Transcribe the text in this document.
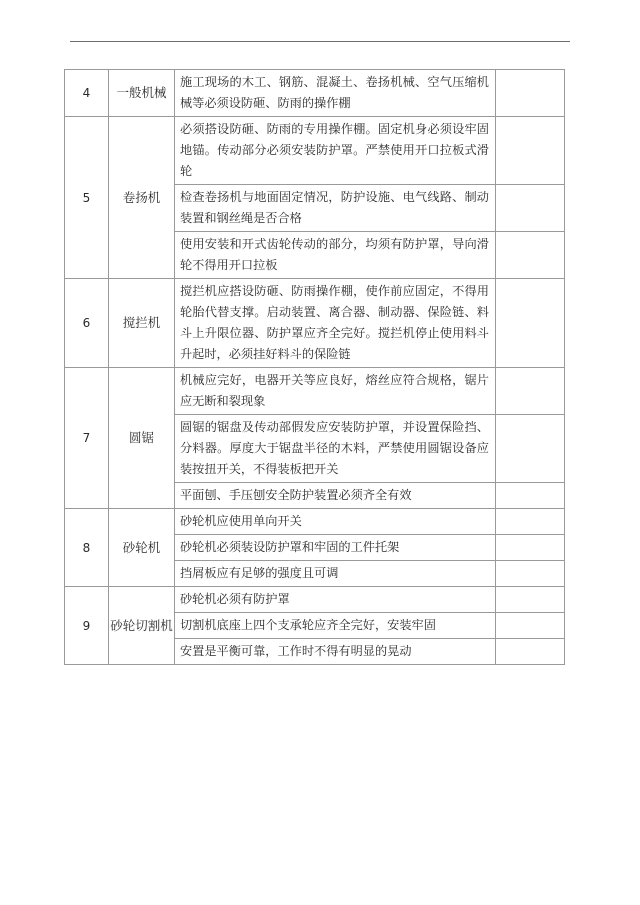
4	一般机械	施工现场的木工、钢筋、混凝土、卷扬机械、空气压缩机械等必须设防砸、防雨的操作棚	
5	卷扬机	必须搭设防砸、防雨的专用操作棚。固定机身必须设牢固地锚。传动部分必须安装防护罩。严禁使用开口拉板式滑轮	
		检查卷扬机与地面固定情况，防护设施、电气线路、制动装置和钢丝绳是否合格	
		使用安装和开式齿轮传动的部分，均须有防护罩，导向滑轮不得用开口拉板	
6	搅拦机	搅拦机应搭设防砸、防雨操作棚，使作前应固定，不得用轮胎代替支撑。启动装置、离合器、制动器、保险链、料斗上升限位器、防护罩应齐全完好。搅拦机停止使用料斗升起时，必须挂好料斗的保险链	
7	圆锯	机械应完好，电器开关等应良好，熔丝应符合规格，锯片应无断和裂现象	
		圆锯的锯盘及传动部假发应安装防护罩，并设置保险挡、分料器。厚度大于锯盘半径的木料，严禁使用圆锯设备应装按扭开关，不得装板把开关	
		平面刨、手压刨安全防护装置必须齐全有效	
8	砂轮机	砂轮机应使用单向开关	
		砂轮机必须装设防护罩和牢固的工件托架	
		挡屑板应有足够的强度且可调	
9	砂轮切割机	砂轮机必须有防护罩	
		切割机底座上四个支承轮应齐全完好，安装牢固	
		安置是平衡可靠，工作时不得有明显的晃动	
